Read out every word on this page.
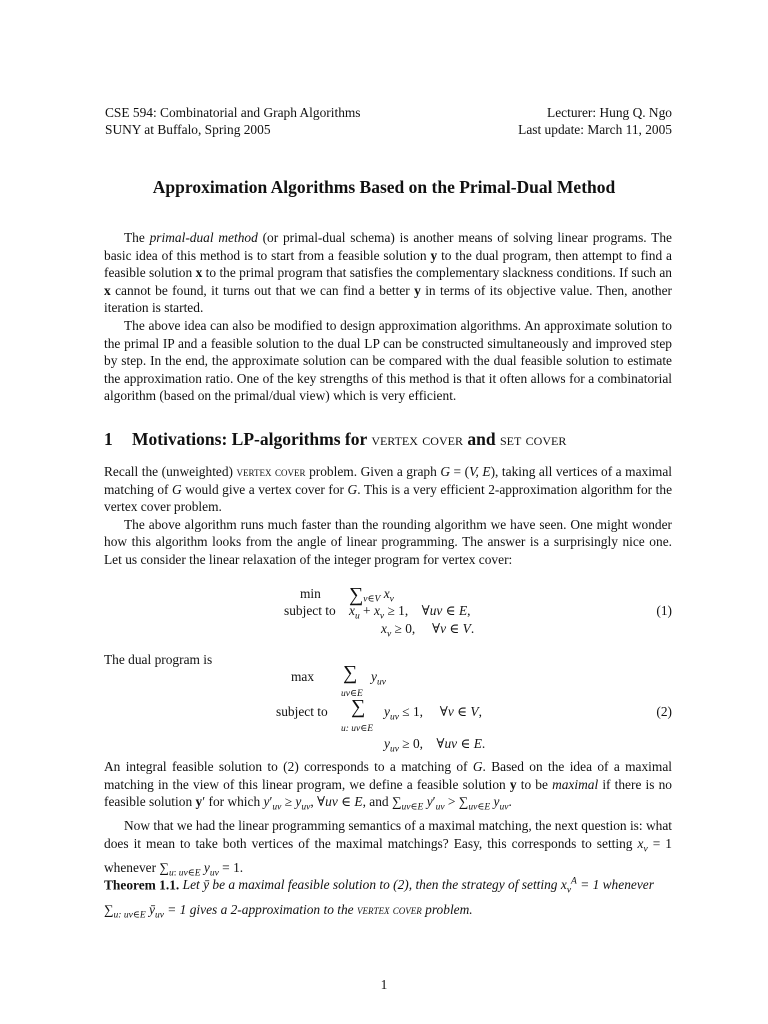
CSE 594: Combinatorial and Graph Algorithms
SUNY at Buffalo, Spring 2005
Lecturer: Hung Q. Ngo
Last update: March 11, 2005
Approximation Algorithms Based on the Primal-Dual Method

The primal-dual method (or primal-dual schema) is another means of solving linear programs. The basic idea of this method is to start from a feasible solution y to the dual program, then attempt to find a feasible solution x to the primal program that satisfies the complementary slackness conditions. If such an x cannot be found, it turns out that we can find a better y in terms of its objective value. Then, another iteration is started.

The above idea can also be modified to design approximation algorithms. An approximate solution to the primal IP and a feasible solution to the dual LP can be constructed simultaneously and improved step by step. In the end, the approximate solution can be compared with the dual feasible solution to estimate the approximation ratio. One of the key strengths of this method is that it often allows for a combinatorial algorithm (based on the primal/dual view) which is very efficient.

1 Motivations: LP-algorithms for vertex cover and set cover

Recall the (unweighted) vertex cover problem. Given a graph G = (V, E), taking all vertices of a maximal matching of G would give a vertex cover for G. This is a very efficient 2-approximation algorithm for the vertex cover problem.

The above algorithm runs much faster than the rounding algorithm we have seen. One might wonder how this algorithm looks from the angle of linear programming. The answer is a surprisingly nice one. Let us consider the linear relaxation of the integer program for vertex cover:

$\min \sum_{v\in V}$ $x_v$
subject to $x_u + x_v \ge 1$,    ∀uv ∈ E,
$x_v \ge 0$,     ∀v ∈ V.
(1)

The dual program is

max ∑
uv∈E
$y_{uv}$
subject to ∑
u: uv∈E
$y_{uv} \le 1$,     ∀v ∈ V,
$y_{uv} \ge 0$,    ∀uv ∈ E.
(2)

An integral feasible solution to (2) corresponds to a matching of G. Based on the idea of a maximal matching in the view of this linear program, we define a feasible solution y to be maximal if there is no feasible solution y′ for which $y'_{uv} \ge y_{uv}$, ∀uv ∈ E, and $\sum_{uv\in E}$ $y'_{uv} > \sum_{uv\in E}$ $y_{uv}$.

Now that we had the linear programming semantics of a maximal matching, the next question is: what does it mean to take both vertices of the maximal matchings? Easy, this corresponds to setting $x_v = 1$ whenever $\sum_{u: uv\in E}$ $y_{uv} = 1$.

Theorem 1.1. Let ȳ be a maximal feasible solution to (2), then the strategy of setting $x_v^A = 1$ whenever $\sum_{u: uv\in E}$ $ȳ_{uv} = 1$ gives a 2-approximation to the vertex cover problem.
1
